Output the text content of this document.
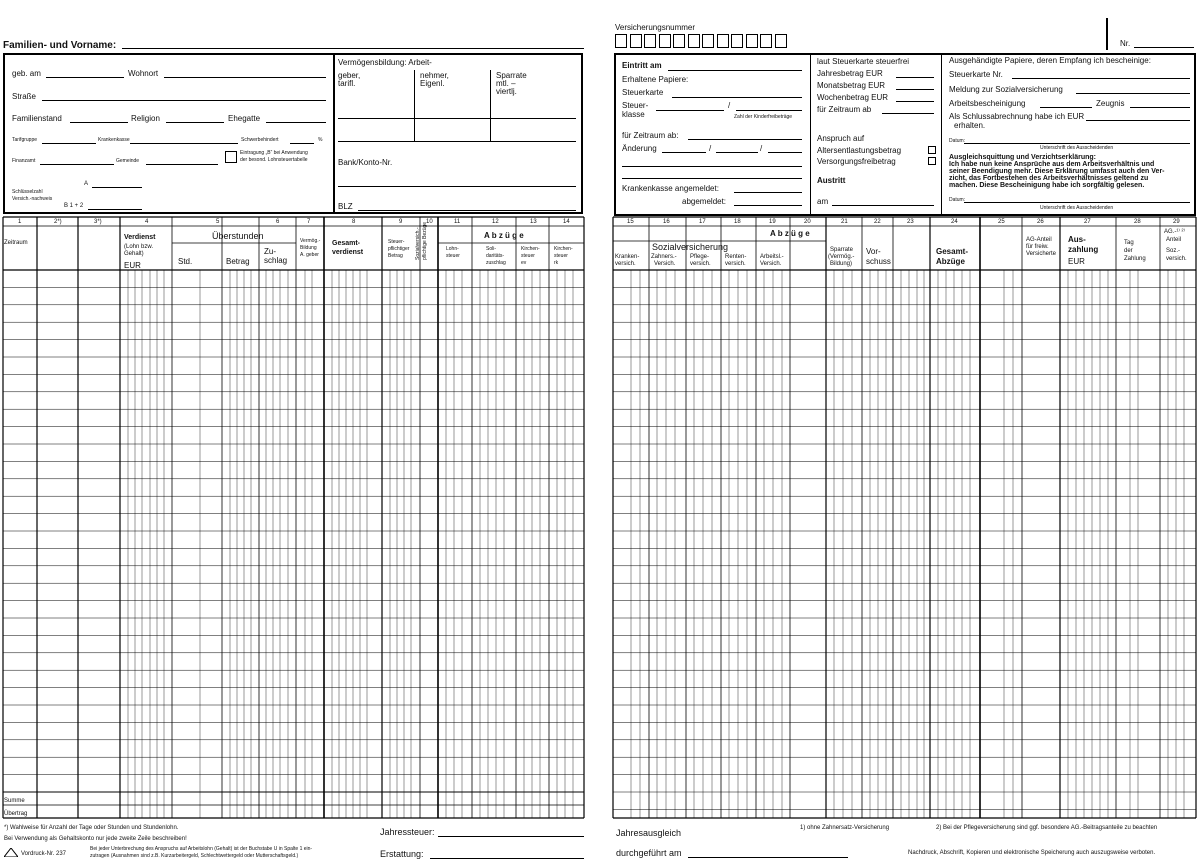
Familien- und Vorname:
geb. am	Wohnort
Straße
Familienstand	Religion	Ehegatte
Tarifgruppe	Krankenkasse	Schwerbehindert	%
Finanzamt	Gemeinde
Eintragung „B“ bei Anwendung
der besond. Lohnsteuertabelle
Schlüsselzahl
Versich.-nachweis
A
B 1 + 2
Vermögensbildung: Arbeit-
geber,
tarifl.
nehmer,
Eigenl.
Sparrate
mtl. –
viertlj.
Bank/Konto-Nr.
BLZ
1	2*)	3*)	4	5	6	7	8	9	10	11	12	13	14
Zeitraum
Verdienst
(Lohn bzw.
Gehalt)
EUR
Überstunden
Std.	Betrag
Zu-
schlag
Vermög.-
Bildung
A. geber
Gesamt-
verdienst
Steuer-
pflichtiger
Betrag Sozialversich.- pflichtige Bezüge	A b z ü g e
Lohn-
steuer
Soli-
daritäts-
zuschlag
Kirchen-
steuer
ev
Kirchen-
steuer
rk
Summe
Übertrag
*) Wahlweise für Anzahl der Tage oder Stunden und Stundenlohn.
Bei Verwendung als Gehaltskonto nur jede zweite Zeile beschreiben!
Vordruck-Nr. 237
Bei jeder Unterbrechung des Anspruchs auf Arbeitslohn (Gehalt) ist der Buchstabe U in Spalte 1 ein-
zutragen (Ausnahmen sind z.B. Kurzarbeitergeld, Schlechtwettergeld oder Mutterschaftsgeld.)
Jahressteuer:
Erstattung:
Versicherungsnummer
Nr.
Eintritt am
Erhaltene Papiere:
Steuerkarte
Steuer-
klasse
/
Zahl der Kinderfreibeträge
für Zeitraum ab:
Änderung	/	/
Krankenkasse angemeldet:
abgemeldet:
laut Steuerkarte steuerfrei
Jahresbetrag EUR
Monatsbetrag EUR
Wochenbetrag EUR
für Zeitraum ab
Anspruch auf
Altersentlastungsbetrag
Versorgungsfreibetrag
Austritt
am
Ausgehändigte Papiere, deren Empfang ich bescheinige:
Steuerkarte Nr.
Meldung zur Sozialversicherung
Arbeitsbescheinigung	Zeugnis
Als Schlussabrechnung habe ich EUR
erhalten.
Datum:
Unterschrift des Ausscheidenden
Ausgleichsquittung und Verzichtserklärung:
Ich habe nun keine Ansprüche aus dem Arbeitsverhältnis und
seiner Beendigung mehr. Diese Erklärung umfasst auch den Ver-
zicht, das Fortbestehen des Arbeitsverhältnisses geltend zu
machen. Diese Bescheinigung habe ich sorgfältig gelesen.
Datum:
Unterschrift des Ausscheidenden
15	16	17	18	19	20	21	22	23	24	25	26	27	28	29
A b z ü g e
Sozialversicherung
Kranken-
versich.
Zahners.-
Versich.
Pflege-
versich.
Renten-
versich.
Arbeitsl.-
Versich.
Sparrate
(Vermög.-
Bildung)
Vor-
schuss
Gesamt-
Abzüge
AG-Anteil
für freiw.
Versicherte
Aus-
zahlung
EUR
Tag
der
Zahlung
AG.-¹⁾ ²⁾
Anteil
Soz.-
versich.
Jahresausgleich
durchgeführt am
1) ohne Zahnersatz-Versicherung	2) Bei der Pflegeversicherung sind ggf. besondere AG.-Beitragsanteile zu beachten
Nachdruck, Abschrift, Kopieren und elektronische Speicherung auch auszugsweise verboten.
